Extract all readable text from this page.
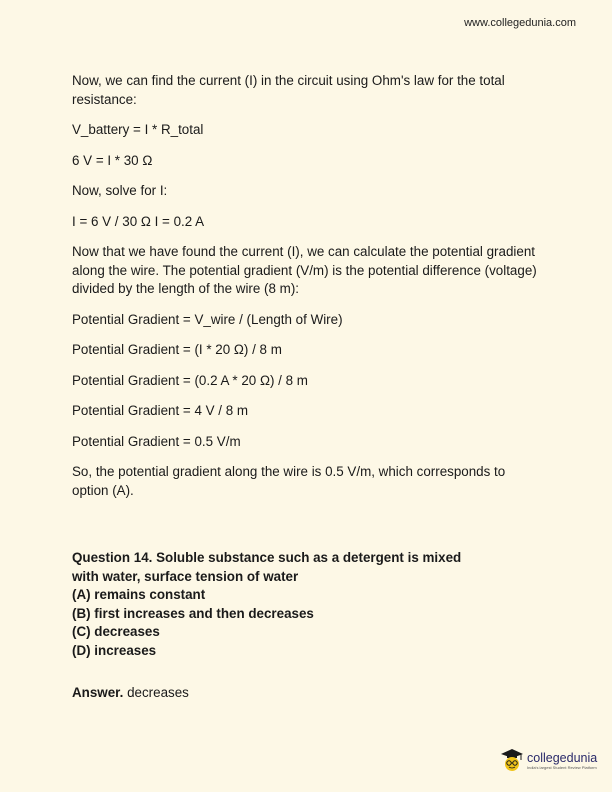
www.collegedunia.com

Now, we can find the current (I) in the circuit using Ohm's law for the total resistance:

V_battery = I * R_total

6 V = I * 30 Ω

Now, solve for I:

I = 6 V / 30 Ω I = 0.2 A

Now that we have found the current (I), we can calculate the potential gradient along the wire. The potential gradient (V/m) is the potential difference (voltage) divided by the length of the wire (8 m):

Potential Gradient = V_wire / (Length of Wire)

Potential Gradient = (I * 20 Ω) / 8 m

Potential Gradient = (0.2 A * 20 Ω) / 8 m

Potential Gradient = 4 V / 8 m

Potential Gradient = 0.5 V/m

So, the potential gradient along the wire is 0.5 V/m, which corresponds to option (A).

Question 14. Soluble substance such as a detergent is mixed
with water, surface tension of water
(A) remains constant
(B) first increases and then decreases
(C) decreases
(D) increases
Answer. decreases
collegedunia
India's largest Student Review Platform
